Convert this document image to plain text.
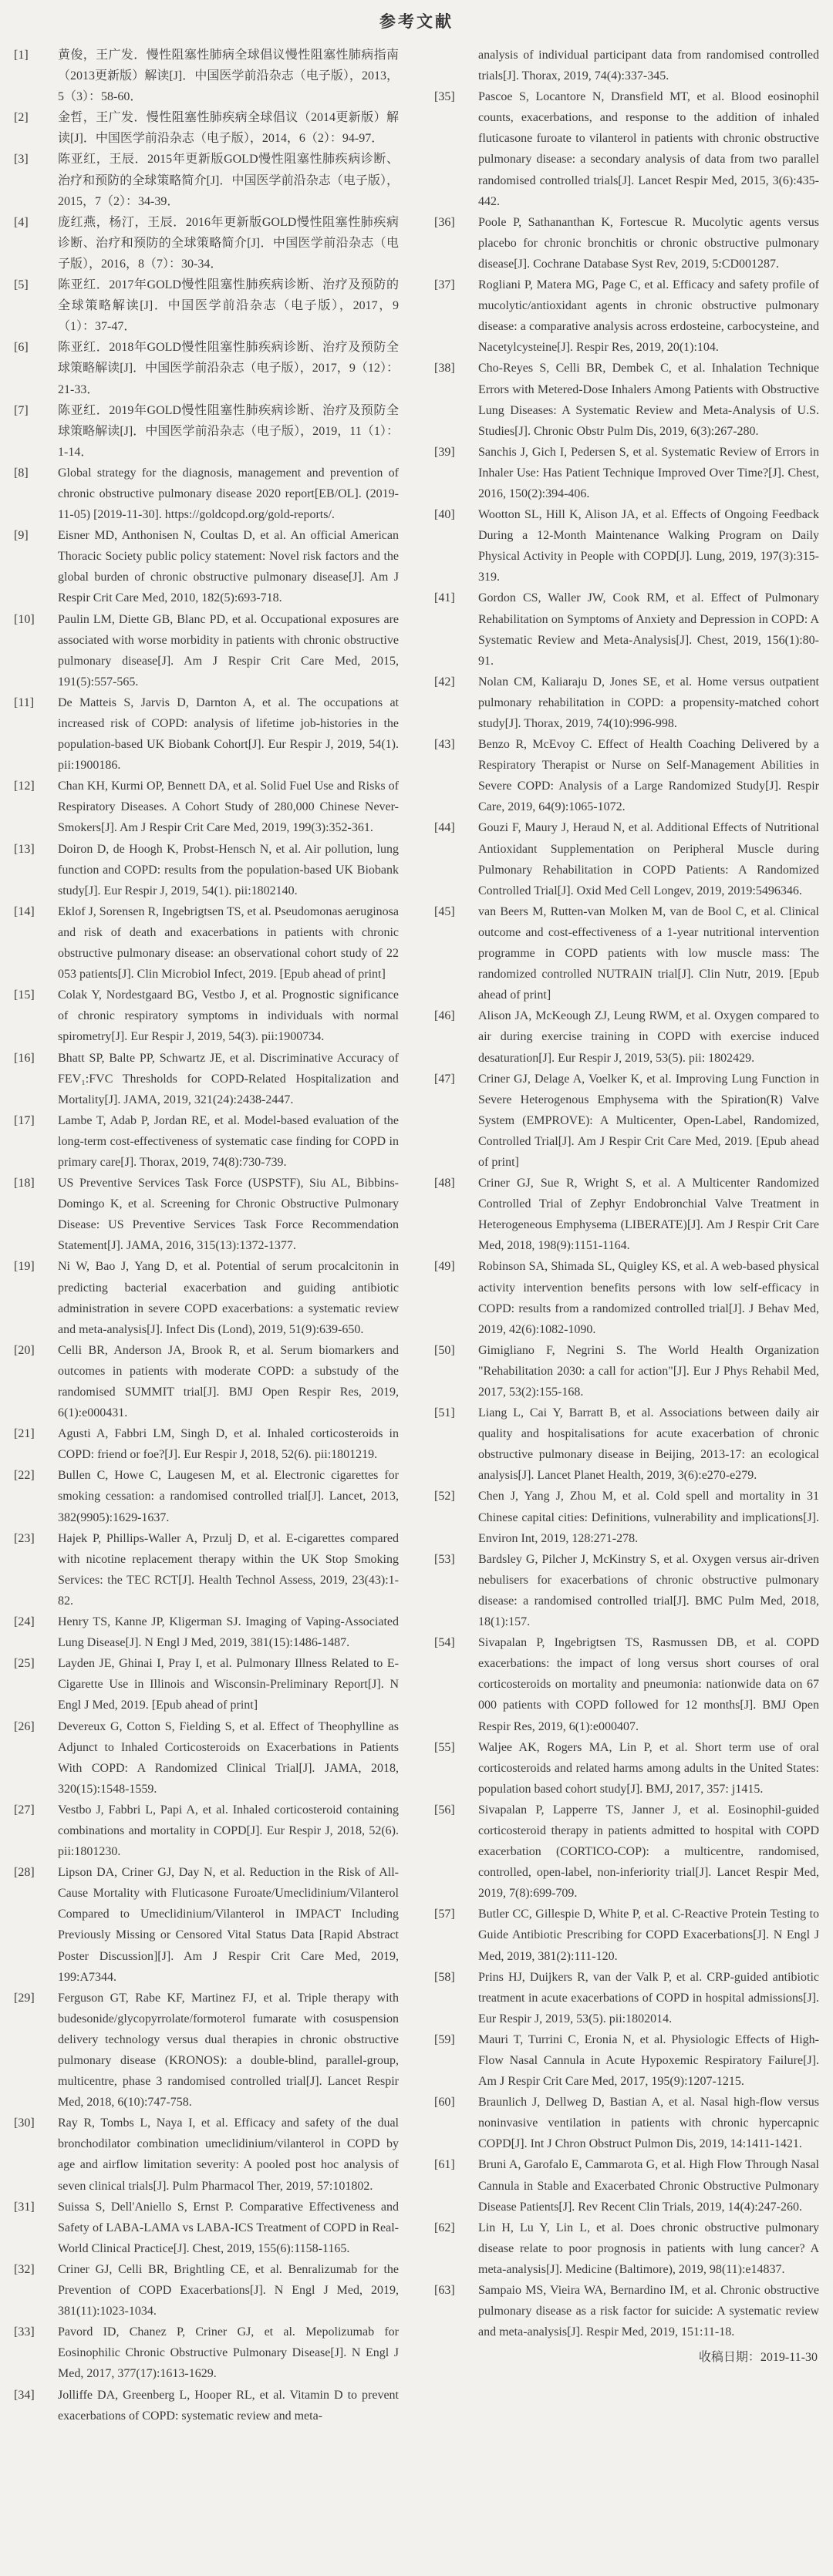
参考文献
[1]	黄俊，王广发．慢性阻塞性肺病全球倡议慢性阻塞性肺病指南（2013更新版）解读[J]．中国医学前沿杂志（电子版），2013，5（3）：58-60．
[2]	金哲，王广发．慢性阻塞性肺疾病全球倡议（2014更新版）解读[J]．中国医学前沿杂志（电子版），2014，6（2）：94-97．
[3]	陈亚红，王辰．2015年更新版GOLD慢性阻塞性肺疾病诊断、治疗和预防的全球策略简介[J]．中国医学前沿杂志（电子版），2015，7（2）：34-39．
[4]	庞红燕，杨汀，王辰．2016年更新版GOLD慢性阻塞性肺疾病诊断、治疗和预防的全球策略简介[J]．中国医学前沿杂志（电子版），2016，8（7）：30-34．
[5]	陈亚红．2017年GOLD慢性阻塞性肺疾病诊断、治疗及预防的全球策略解读[J]．中国医学前沿杂志（电子版），2017，9（1）：37-47．
[6]	陈亚红．2018年GOLD慢性阻塞性肺疾病诊断、治疗及预防全球策略解读[J]．中国医学前沿杂志（电子版），2017，9（12）：21-33．
[7]	陈亚红．2019年GOLD慢性阻塞性肺疾病诊断、治疗及预防全球策略解读[J]．中国医学前沿杂志（电子版），2019，11（1）：1-14．
[8]	Global strategy for the diagnosis, management and prevention of chronic obstructive pulmonary disease 2020 report[EB/OL]. (2019-11-05) [2019-11-30]. https://goldcopd.org/gold-reports/.
[9]	Eisner MD, Anthonisen N, Coultas D, et al. An official American Thoracic Society public policy statement: Novel risk factors and the global burden of chronic obstructive pulmonary disease[J]. Am J Respir Crit Care Med, 2010, 182(5):693-718.
[10]	Paulin LM, Diette GB, Blanc PD, et al. Occupational exposures are associated with worse morbidity in patients with chronic obstructive pulmonary disease[J]. Am J Respir Crit Care Med, 2015, 191(5):557-565.
[11]	De Matteis S, Jarvis D, Darnton A, et al. The occupations at increased risk of COPD: analysis of lifetime job-histories in the population-based UK Biobank Cohort[J]. Eur Respir J, 2019, 54(1). pii:1900186.
[12]	Chan KH, Kurmi OP, Bennett DA, et al. Solid Fuel Use and Risks of Respiratory Diseases. A Cohort Study of 280,000 Chinese Never-Smokers[J]. Am J Respir Crit Care Med, 2019, 199(3):352-361.
[13]	Doiron D, de Hoogh K, Probst-Hensch N, et al. Air pollution, lung function and COPD: results from the population-based UK Biobank study[J]. Eur Respir J, 2019, 54(1). pii:1802140.
[14]	Eklof J, Sorensen R, Ingebrigtsen TS, et al. Pseudomonas aeruginosa and risk of death and exacerbations in patients with chronic obstructive pulmonary disease: an observational cohort study of 22 053 patients[J]. Clin Microbiol Infect, 2019. [Epub ahead of print]
[15]	Colak Y, Nordestgaard BG, Vestbo J, et al. Prognostic significance of chronic respiratory symptoms in individuals with normal spirometry[J]. Eur Respir J, 2019, 54(3). pii:1900734.
[16]	Bhatt SP, Balte PP, Schwartz JE, et al. Discriminative Accuracy of FEV₁:FVC Thresholds for COPD-Related Hospitalization and Mortality[J]. JAMA, 2019, 321(24):2438-2447.
[17]	Lambe T, Adab P, Jordan RE, et al. Model-based evaluation of the long-term cost-effectiveness of systematic case finding for COPD in primary care[J]. Thorax, 2019, 74(8):730-739.
[18]	US Preventive Services Task Force (USPSTF), Siu AL, Bibbins-Domingo K, et al. Screening for Chronic Obstructive Pulmonary Disease: US Preventive Services Task Force Recommendation Statement[J]. JAMA, 2016, 315(13):1372-1377.
[19]	Ni W, Bao J, Yang D, et al. Potential of serum procalcitonin in predicting bacterial exacerbation and guiding antibiotic administration in severe COPD exacerbations: a systematic review and meta-analysis[J]. Infect Dis (Lond), 2019, 51(9):639-650.
[20]	Celli BR, Anderson JA, Brook R, et al. Serum biomarkers and outcomes in patients with moderate COPD: a substudy of the randomised SUMMIT trial[J]. BMJ Open Respir Res, 2019, 6(1):e000431.
[21]	Agusti A, Fabbri LM, Singh D, et al. Inhaled corticosteroids in COPD: friend or foe?[J]. Eur Respir J, 2018, 52(6). pii:1801219.
[22]	Bullen C, Howe C, Laugesen M, et al. Electronic cigarettes for smoking cessation: a randomised controlled trial[J]. Lancet, 2013, 382(9905):1629-1637.
[23]	Hajek P, Phillips-Waller A, Przulj D, et al. E-cigarettes compared with nicotine replacement therapy within the UK Stop Smoking Services: the TEC RCT[J]. Health Technol Assess, 2019, 23(43):1-82.
[24]	Henry TS, Kanne JP, Kligerman SJ. Imaging of Vaping-Associated Lung Disease[J]. N Engl J Med, 2019, 381(15):1486-1487.
[25]	Layden JE, Ghinai I, Pray I, et al. Pulmonary Illness Related to E-Cigarette Use in Illinois and Wisconsin-Preliminary Report[J]. N Engl J Med, 2019. [Epub ahead of print]
[26]	Devereux G, Cotton S, Fielding S, et al. Effect of Theophylline as Adjunct to Inhaled Corticosteroids on Exacerbations in Patients With COPD: A Randomized Clinical Trial[J]. JAMA, 2018, 320(15):1548-1559.
[27]	Vestbo J, Fabbri L, Papi A, et al. Inhaled corticosteroid containing combinations and mortality in COPD[J]. Eur Respir J, 2018, 52(6). pii:1801230.
[28]	Lipson DA, Criner GJ, Day N, et al. Reduction in the Risk of All-Cause Mortality with Fluticasone Furoate/Umeclidinium/Vilanterol Compared to Umeclidinium/Vilanterol in IMPACT Including Previously Missing or Censored Vital Status Data [Rapid Abstract Poster Discussion][J]. Am J Respir Crit Care Med, 2019, 199:A7344.
[29]	Ferguson GT, Rabe KF, Martinez FJ, et al. Triple therapy with budesonide/glycopyrrolate/formoterol fumarate with cosuspension delivery technology versus dual therapies in chronic obstructive pulmonary disease (KRONOS): a double-blind, parallel-group, multicentre, phase 3 randomised controlled trial[J]. Lancet Respir Med, 2018, 6(10):747-758.
[30]	Ray R, Tombs L, Naya I, et al. Efficacy and safety of the dual bronchodilator combination umeclidinium/vilanterol in COPD by age and airflow limitation severity: A pooled post hoc analysis of seven clinical trials[J]. Pulm Pharmacol Ther, 2019, 57:101802.
[31]	Suissa S, Dell'Aniello S, Ernst P. Comparative Effectiveness and Safety of LABA-LAMA vs LABA-ICS Treatment of COPD in Real-World Clinical Practice[J]. Chest, 2019, 155(6):1158-1165.
[32]	Criner GJ, Celli BR, Brightling CE, et al. Benralizumab for the Prevention of COPD Exacerbations[J]. N Engl J Med, 2019, 381(11):1023-1034.
[33]	Pavord ID, Chanez P, Criner GJ, et al. Mepolizumab for Eosinophilic Chronic Obstructive Pulmonary Disease[J]. N Engl J Med, 2017, 377(17):1613-1629.
[34]	Jolliffe DA, Greenberg L, Hooper RL, et al. Vitamin D to prevent exacerbations of COPD: systematic review and meta-
analysis of individual participant data from randomised controlled trials[J]. Thorax, 2019, 74(4):337-345.
[35]	Pascoe S, Locantore N, Dransfield MT, et al. Blood eosinophil counts, exacerbations, and response to the addition of inhaled fluticasone furoate to vilanterol in patients with chronic obstructive pulmonary disease: a secondary analysis of data from two parallel randomised controlled trials[J]. Lancet Respir Med, 2015, 3(6):435-442.
[36]	Poole P, Sathananthan K, Fortescue R. Mucolytic agents versus placebo for chronic bronchitis or chronic obstructive pulmonary disease[J]. Cochrane Database Syst Rev, 2019, 5:CD001287.
[37]	Rogliani P, Matera MG, Page C, et al. Efficacy and safety profile of mucolytic/antioxidant agents in chronic obstructive pulmonary disease: a comparative analysis across erdosteine, carbocysteine, and Nacetylcysteine[J]. Respir Res, 2019, 20(1):104.
[38]	Cho-Reyes S, Celli BR, Dembek C, et al. Inhalation Technique Errors with Metered-Dose Inhalers Among Patients with Obstructive Lung Diseases: A Systematic Review and Meta-Analysis of U.S. Studies[J]. Chronic Obstr Pulm Dis, 2019, 6(3):267-280.
[39]	Sanchis J, Gich I, Pedersen S, et al. Systematic Review of Errors in Inhaler Use: Has Patient Technique Improved Over Time?[J]. Chest, 2016, 150(2):394-406.
[40]	Wootton SL, Hill K, Alison JA, et al. Effects of Ongoing Feedback During a 12-Month Maintenance Walking Program on Daily Physical Activity in People with COPD[J]. Lung, 2019, 197(3):315-319.
[41]	Gordon CS, Waller JW, Cook RM, et al. Effect of Pulmonary Rehabilitation on Symptoms of Anxiety and Depression in COPD: A Systematic Review and Meta-Analysis[J]. Chest, 2019, 156(1):80-91.
[42]	Nolan CM, Kaliaraju D, Jones SE, et al. Home versus outpatient pulmonary rehabilitation in COPD: a propensity-matched cohort study[J]. Thorax, 2019, 74(10):996-998.
[43]	Benzo R, McEvoy C. Effect of Health Coaching Delivered by a Respiratory Therapist or Nurse on Self-Management Abilities in Severe COPD: Analysis of a Large Randomized Study[J]. Respir Care, 2019, 64(9):1065-1072.
[44]	Gouzi F, Maury J, Heraud N, et al. Additional Effects of Nutritional Antioxidant Supplementation on Peripheral Muscle during Pulmonary Rehabilitation in COPD Patients: A Randomized Controlled Trial[J]. Oxid Med Cell Longev, 2019, 2019:5496346.
[45]	van Beers M, Rutten-van Molken M, van de Bool C, et al. Clinical outcome and cost-effectiveness of a 1-year nutritional intervention programme in COPD patients with low muscle mass: The randomized controlled NUTRAIN trial[J]. Clin Nutr, 2019. [Epub ahead of print]
[46]	Alison JA, McKeough ZJ, Leung RWM, et al. Oxygen compared to air during exercise training in COPD with exercise induced desaturation[J]. Eur Respir J, 2019, 53(5). pii: 1802429.
[47]	Criner GJ, Delage A, Voelker K, et al. Improving Lung Function in Severe Heterogenous Emphysema with the Spiration(R) Valve System (EMPROVE): A Multicenter, Open-Label, Randomized, Controlled Trial[J]. Am J Respir Crit Care Med, 2019. [Epub ahead of print]
[48]	Criner GJ, Sue R, Wright S, et al. A Multicenter Randomized Controlled Trial of Zephyr Endobronchial Valve Treatment in Heterogeneous Emphysema (LIBERATE)[J]. Am J Respir Crit Care Med, 2018, 198(9):1151-1164.
[49]	Robinson SA, Shimada SL, Quigley KS, et al. A web-based physical activity intervention benefits persons with low self-efficacy in COPD: results from a randomized controlled trial[J]. J Behav Med, 2019, 42(6):1082-1090.
[50]	Gimigliano F, Negrini S. The World Health Organization "Rehabilitation 2030: a call for action"[J]. Eur J Phys Rehabil Med, 2017, 53(2):155-168.
[51]	Liang L, Cai Y, Barratt B, et al. Associations between daily air quality and hospitalisations for acute exacerbation of chronic obstructive pulmonary disease in Beijing, 2013-17: an ecological analysis[J]. Lancet Planet Health, 2019, 3(6):e270-e279.
[52]	Chen J, Yang J, Zhou M, et al. Cold spell and mortality in 31 Chinese capital cities: Definitions, vulnerability and implications[J]. Environ Int, 2019, 128:271-278.
[53]	Bardsley G, Pilcher J, McKinstry S, et al. Oxygen versus air-driven nebulisers for exacerbations of chronic obstructive pulmonary disease: a randomised controlled trial[J]. BMC Pulm Med, 2018, 18(1):157.
[54]	Sivapalan P, Ingebrigtsen TS, Rasmussen DB, et al. COPD exacerbations: the impact of long versus short courses of oral corticosteroids on mortality and pneumonia: nationwide data on 67 000 patients with COPD followed for 12 months[J]. BMJ Open Respir Res, 2019, 6(1):e000407.
[55]	Waljee AK, Rogers MA, Lin P, et al. Short term use of oral corticosteroids and related harms among adults in the United States: population based cohort study[J]. BMJ, 2017, 357: j1415.
[56]	Sivapalan P, Lapperre TS, Janner J, et al. Eosinophil-guided corticosteroid therapy in patients admitted to hospital with COPD exacerbation (CORTICO-COP): a multicentre, randomised, controlled, open-label, non-inferiority trial[J]. Lancet Respir Med, 2019, 7(8):699-709.
[57]	Butler CC, Gillespie D, White P, et al. C-Reactive Protein Testing to Guide Antibiotic Prescribing for COPD Exacerbations[J]. N Engl J Med, 2019, 381(2):111-120.
[58]	Prins HJ, Duijkers R, van der Valk P, et al. CRP-guided antibiotic treatment in acute exacerbations of COPD in hospital admissions[J]. Eur Respir J, 2019, 53(5). pii:1802014.
[59]	Mauri T, Turrini C, Eronia N, et al. Physiologic Effects of High-Flow Nasal Cannula in Acute Hypoxemic Respiratory Failure[J]. Am J Respir Crit Care Med, 2017, 195(9):1207-1215.
[60]	Braunlich J, Dellweg D, Bastian A, et al. Nasal high-flow versus noninvasive ventilation in patients with chronic hypercapnic COPD[J]. Int J Chron Obstruct Pulmon Dis, 2019, 14:1411-1421.
[61]	Bruni A, Garofalo E, Cammarota G, et al. High Flow Through Nasal Cannula in Stable and Exacerbated Chronic Obstructive Pulmonary Disease Patients[J]. Rev Recent Clin Trials, 2019, 14(4):247-260.
[62]	Lin H, Lu Y, Lin L, et al. Does chronic obstructive pulmonary disease relate to poor prognosis in patients with lung cancer? A meta-analysis[J]. Medicine (Baltimore), 2019, 98(11):e14837.
[63]	Sampaio MS, Vieira WA, Bernardino IM, et al. Chronic obstructive pulmonary disease as a risk factor for suicide: A systematic review and meta-analysis[J]. Respir Med, 2019, 151:11-18.
收稿日期：2019-11-30
